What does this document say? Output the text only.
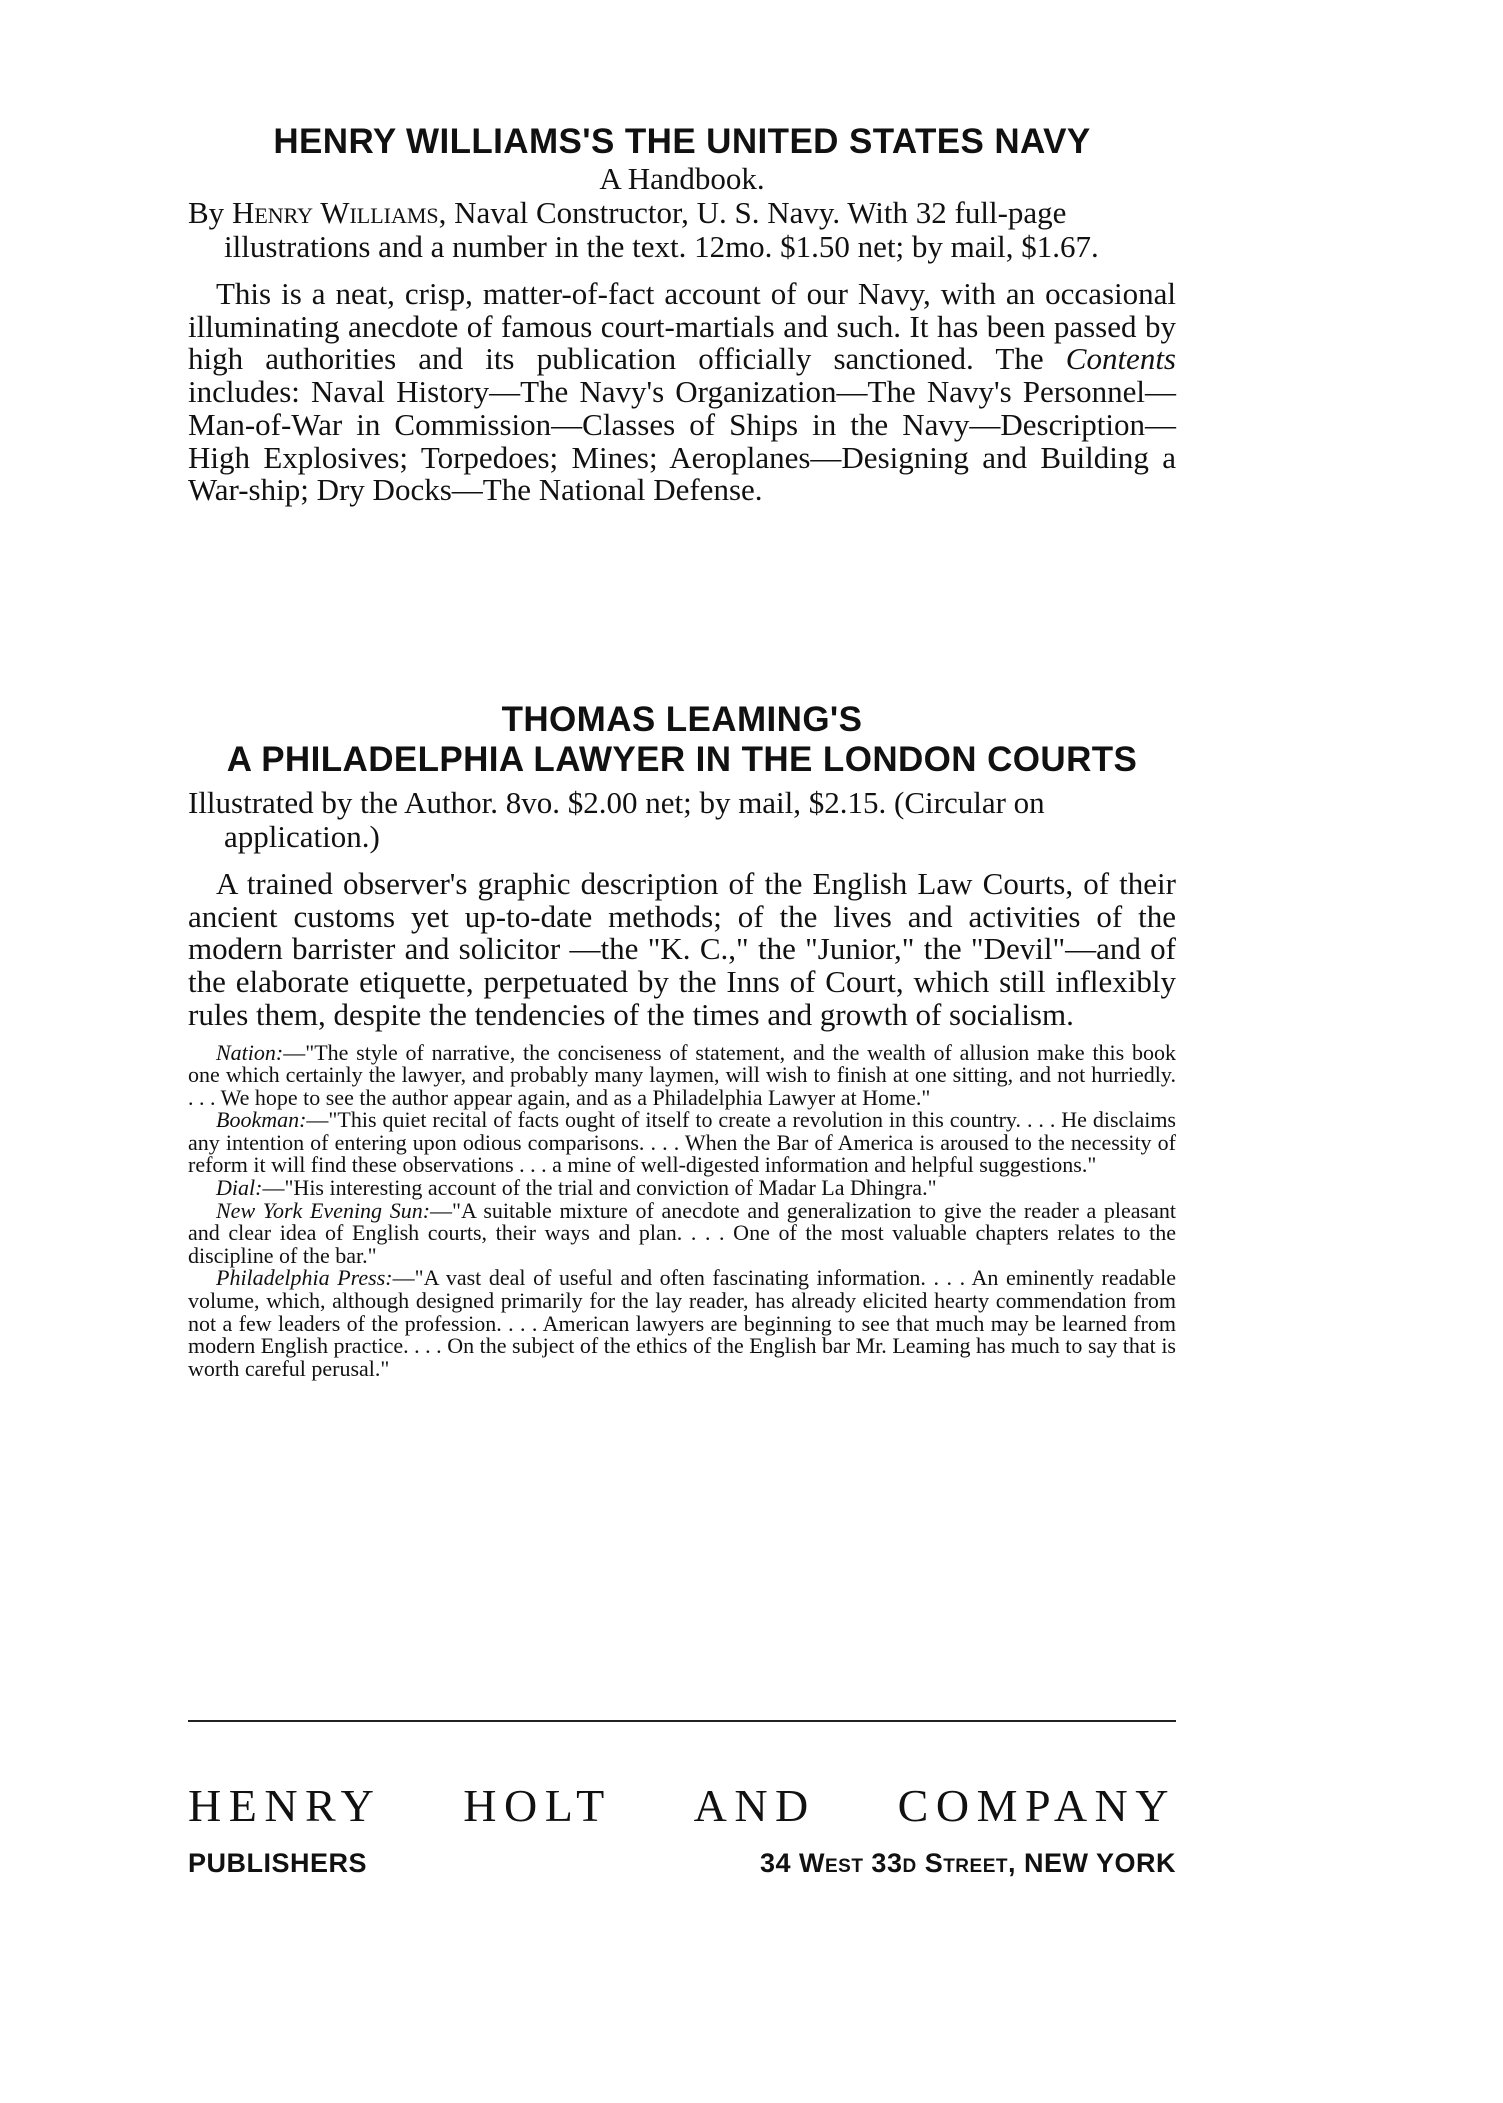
HENRY WILLIAMS'S THE UNITED STATES NAVY

A Handbook.

By Henry Williams, Naval Constructor, U. S. Navy. With 32 full-page illustrations and a number in the text. 12mo. $1.50 net; by mail, $1.67.

This is a neat, crisp, matter-of-fact account of our Navy, with an occasional illuminating anecdote of famous court-martials and such. It has been passed by high authorities and its publication officially sanctioned. The Contents includes: Naval History—The Navy's Organization—The Navy's Personnel—Man-of-War in Commission—Classes of Ships in the Navy—Description—High Explosives; Torpedoes; Mines; Aeroplanes—Designing and Building a War-ship; Dry Docks—The National Defense.

THOMAS LEAMING'S
A PHILADELPHIA LAWYER IN THE LONDON COURTS

Illustrated by the Author. 8vo. $2.00 net; by mail, $2.15. (Circular on application.)

A trained observer's graphic description of the English Law Courts, of their ancient customs yet up-to-date methods; of the lives and activities of the modern barrister and solicitor —the "K. C.," the "Junior," the "Devil"—and of the elaborate etiquette, perpetuated by the Inns of Court, which still inflexibly rules them, despite the tendencies of the times and growth of socialism.

Nation:—"The style of narrative, the conciseness of statement, and the wealth of allusion make this book one which certainly the lawyer, and probably many laymen, will wish to finish at one sitting, and not hurriedly. . . . We hope to see the author appear again, and as a Philadelphia Lawyer at Home."

Bookman:—"This quiet recital of facts ought of itself to create a revolution in this country. . . . He disclaims any intention of entering upon odious comparisons. . . . When the Bar of America is aroused to the necessity of reform it will find these observations . . . a mine of well-digested information and helpful suggestions."

Dial:—"His interesting account of the trial and conviction of Madar La Dhingra."

New York Evening Sun:—"A suitable mixture of anecdote and generalization to give the reader a pleasant and clear idea of English courts, their ways and plan. . . . One of the most valuable chapters relates to the discipline of the bar."

Philadelphia Press:—"A vast deal of useful and often fascinating information. . . . An eminently readable volume, which, although designed primarily for the lay reader, has already elicited hearty commendation from not a few leaders of the profession. . . . American lawyers are beginning to see that much may be learned from modern English practice. . . . On the subject of the ethics of the English bar Mr. Leaming has much to say that is worth careful perusal."

HENRY HOLT AND COMPANY
PUBLISHERS	34 West 33d Street, NEW YORK
